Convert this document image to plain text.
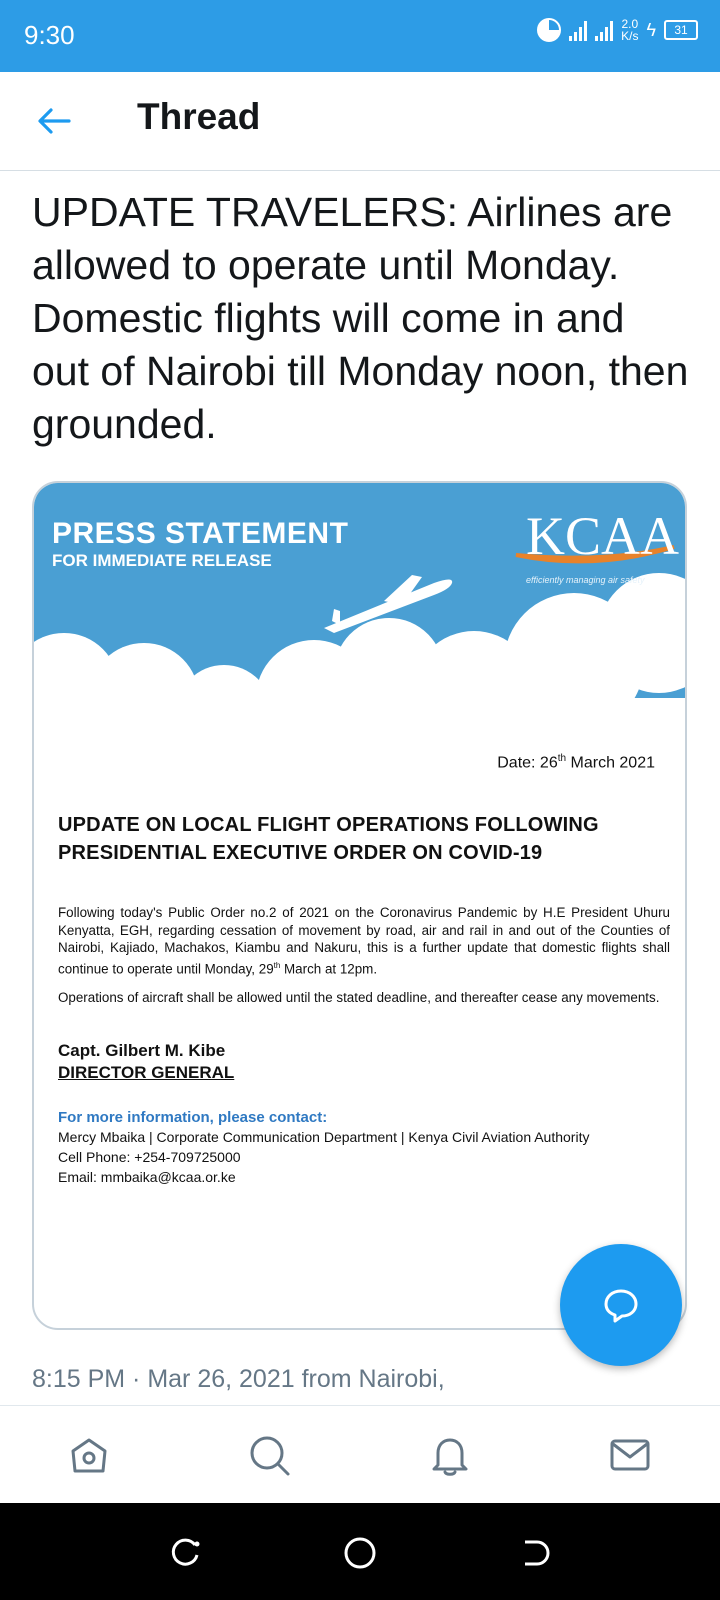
9:30	2.0
K/s ϟ	31
Thread
UPDATE TRAVELERS: Airlines are allowed to operate until Monday. Domestic flights will come in and out of Nairobi till Monday noon, then grounded.
PRESS STATEMENT
FOR IMMEDIATE RELEASE	KCAA
efficiently managing air safety
Date: 26th March 2021
UPDATE ON LOCAL FLIGHT OPERATIONS FOLLOWING PRESIDENTIAL EXECUTIVE ORDER ON COVID-19
Following today's Public Order no.2 of 2021 on the Coronavirus Pandemic by H.E President Uhuru Kenyatta, EGH, regarding cessation of movement by road, air and rail in and out of the Counties of Nairobi, Kajiado, Machakos, Kiambu and Nakuru, this is a further update that domestic flights shall continue to operate until Monday, 29th March at 12pm.
Operations of aircraft shall be allowed until the stated deadline, and thereafter cease any movements.
Capt. Gilbert M. Kibe
DIRECTOR GENERAL
For more information, please contact:
Mercy Mbaika | Corporate Communication Department | Kenya Civil Aviation Authority
Cell Phone: +254-709725000
Email: mmbaika@kcaa.or.ke
8:15 PM · Mar 26, 2021 from Nairobi,
